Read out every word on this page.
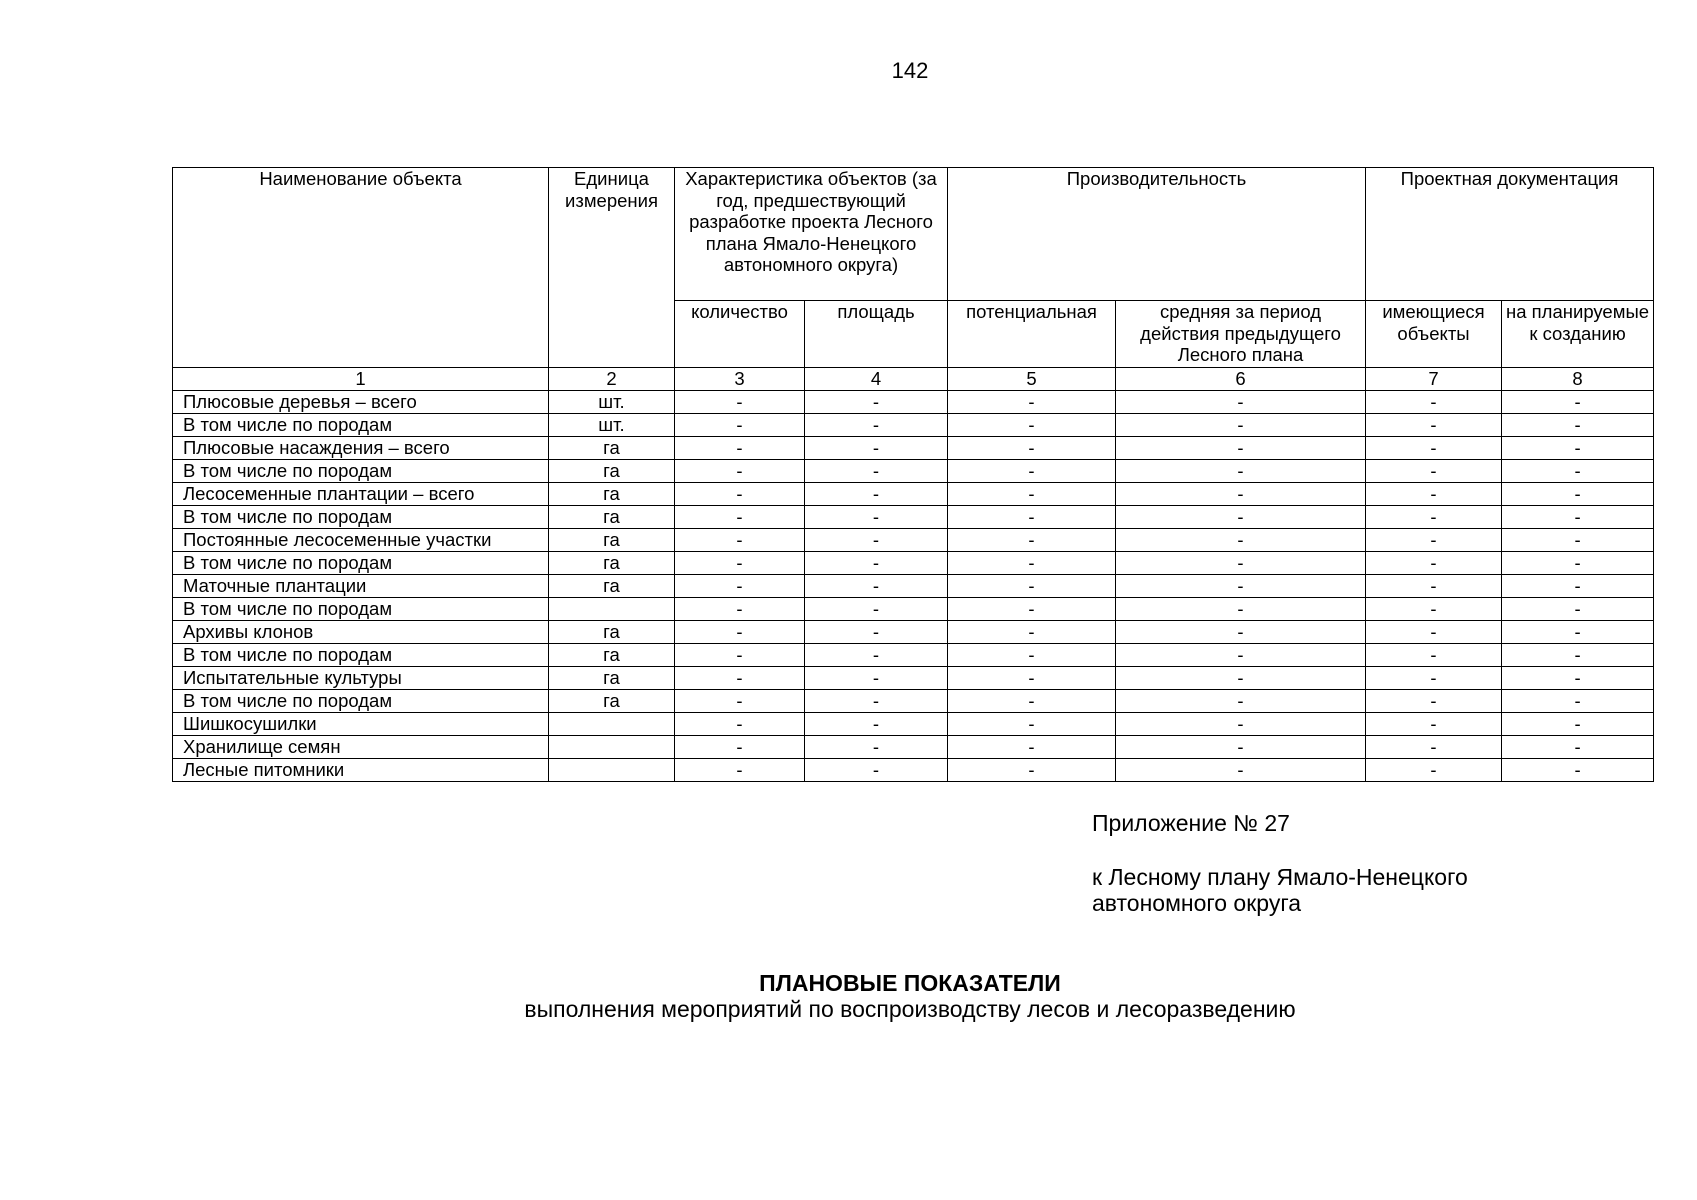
142
Наименование объекта	Единица измерения	Характеристика объектов (за год, предшествующий разработке проекта Лесного плана Ямало-Ненецкого автономного округа)		Производительность		Проектная документация	
		количество	площадь	потенциальная	средняя за период действия предыдущего Лесного плана	имеющиеся объекты	на планируемые к созданию
1	2	3	4	5	6	7	8
Плюсовые деревья – всего	шт.	-	-	-	-	-	-
В том числе по породам	шт.	-	-	-	-	-	-
Плюсовые насаждения – всего	га	-	-	-	-	-	-
В том числе по породам	га	-	-	-	-	-	-
Лесосеменные плантации – всего	га	-	-	-	-	-	-
В том числе по породам	га	-	-	-	-	-	-
Постоянные лесосеменные участки	га	-	-	-	-	-	-
В том числе по породам	га	-	-	-	-	-	-
Маточные плантации	га	-	-	-	-	-	-
В том числе по породам		-	-	-	-	-	-
Архивы клонов	га	-	-	-	-	-	-
В том числе по породам	га	-	-	-	-	-	-
Испытательные культуры	га	-	-	-	-	-	-
В том числе по породам	га	-	-	-	-	-	-
Шишкосушилки		-	-	-	-	-	-
Хранилище семян		-	-	-	-	-	-
Лесные питомники		-	-	-	-	-	-
Приложение № 27
к Лесному плану Ямало-Ненецкого
автономного округа
ПЛАНОВЫЕ ПОКАЗАТЕЛИ
выполнения мероприятий по воспроизводству лесов и лесоразведению
